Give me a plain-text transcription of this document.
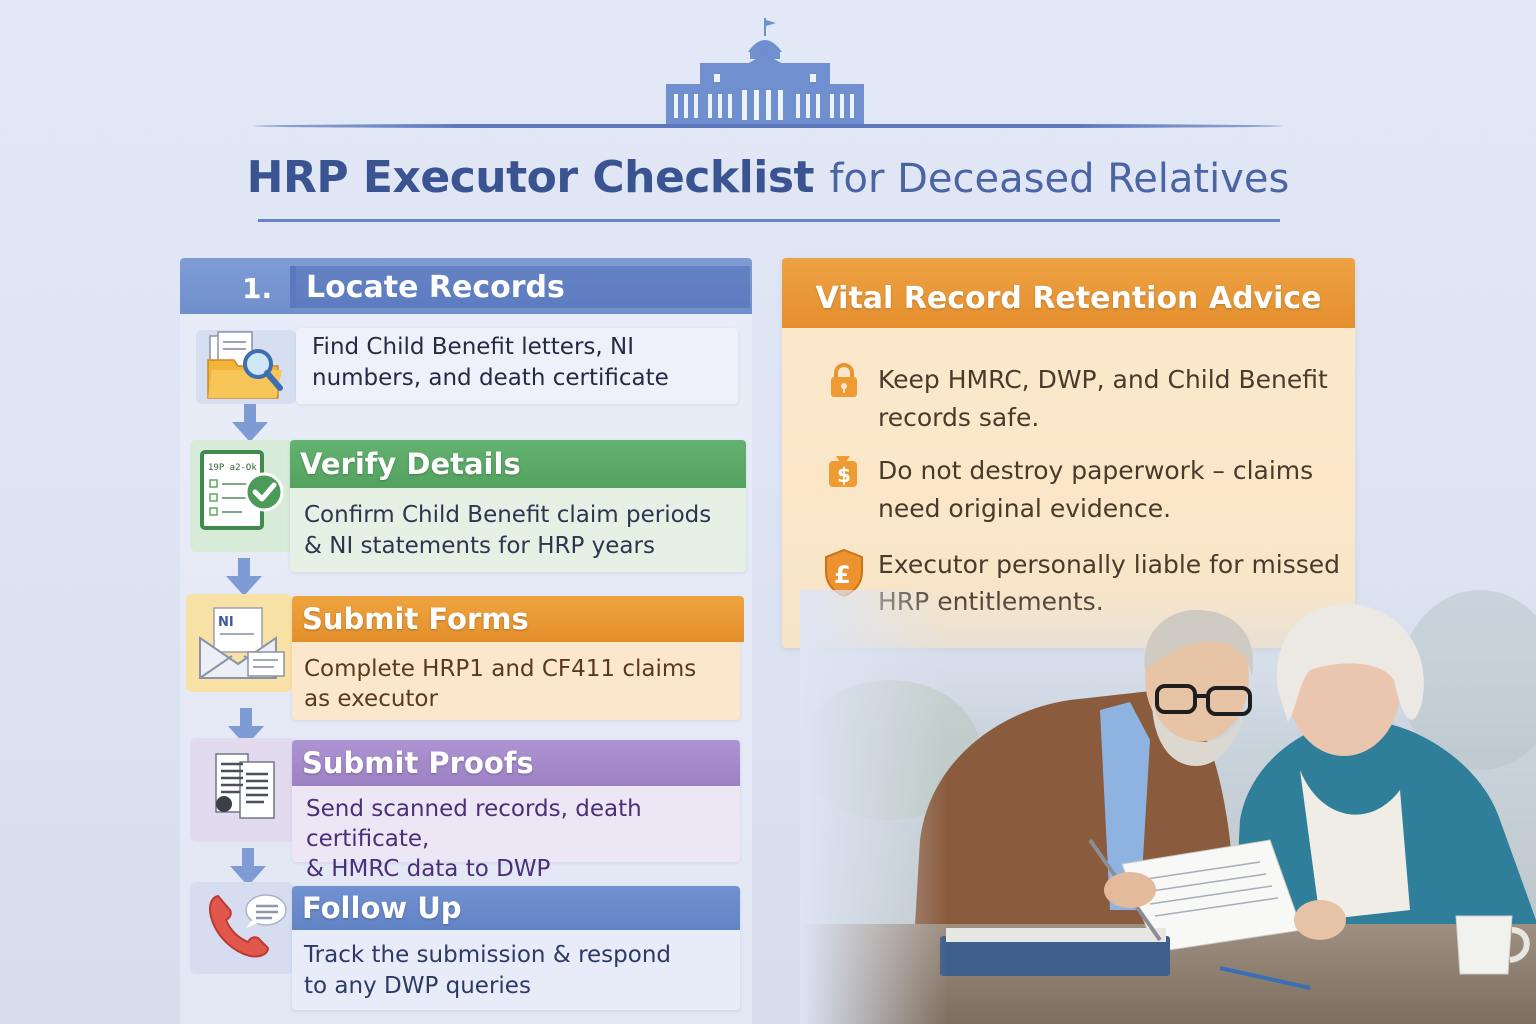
HRP Executor Checklist for Deceased Relatives
1. Locate Records
Find Child Benefit letters, NI
numbers, and death certificate
19P a2-Ok Verify Details
Confirm Child Benefit claim periods
& NI statements for HRP years
NI Submit Forms
Complete HRP1 and CF411 claims
as executor
Submit Proofs
Send scanned records, death certificate,
& HMRC data to DWP
Follow Up
Track the submission & respond
to any DWP queries
Vital Record Retention Advice
Keep HMRC, DWP, and Child Benefit
records safe.
$ Do not destroy paperwork – claims
need original evidence.
£ Executor personally liable for missed
